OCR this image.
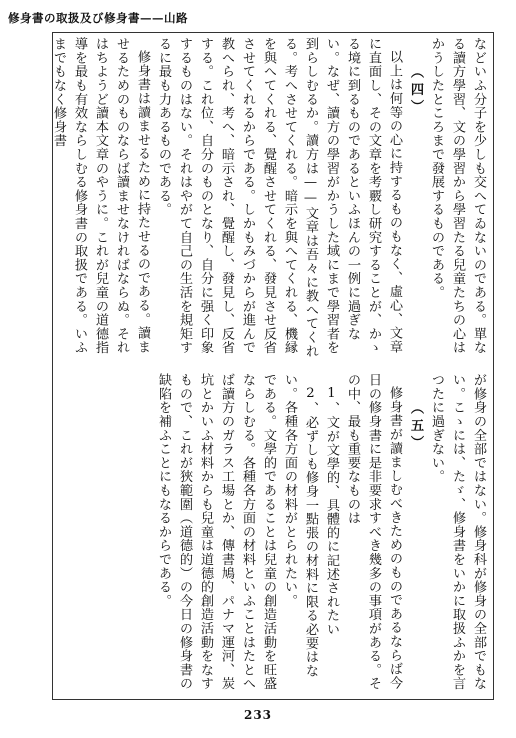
修身書の取扱及び修身書——山路

などいふ分子を少しも交へてゐないのである。單なる讀方學習、文の學習から學習たる兒童たちの心はかうしたところまで發展するものである。

（四）

以上は何等の心に持するものもなく、虛心、文章に直面し、その文章を考覈し研究することが、かゝる境に到るものであるといふほんの一例に過ぎない。なぜ、讀方の學習がかうした域にまで學習者を到らしむるか。讀方は——文章は吾々に教へてくれる。考へさせてくれる。暗示を與へてくれる、機縁を與へてくれる、覺醒させてくれる、發見させ反省させてくれるからである。しかもみづからが進んで教へられ、考へ、暗示され、覺醒し、發見し、反省する。これ位、自分のものとなり、自分に强く印象するものはない。それはやがて自己の生活を規矩するに最も力あるものである。

修身書は讀ませるために持たせるのである。讀ませるためのものならば讀ませなければならぬ。それはちようど讀本文章のやうに。これが兒童の道德指導を最も有效ならしむる修身書の取扱である。いふまでもなく修身書

が修身の全部ではない。修身科が修身の全部でもない。こゝには、たゞ、修身書をいかに取扱ふかを言つたに過ぎない。

（五）

修身書が讀ましむべきためのものであるならば今日の修身書に是非要求すべき幾多の事項がある。その中、最も重要なものは

1、文が文學的、具體的に記述されたい

2、必ずしも修身一點張の材料に限る必要はない。各種各方面の材料がとられたい。

である。文學的であることは兒童の創造活動を旺盛ならしむる。各種各方面の材料といふことはたとへば讀方のガラス工場とか、傳書鳩、パナマ運河、炭坑とかいふ材料からも兒童は道德的創造活動をなすもので、これが狹範圍（道德的）の今日の修身書の缺陷を補ふことにもなるからである。

233
